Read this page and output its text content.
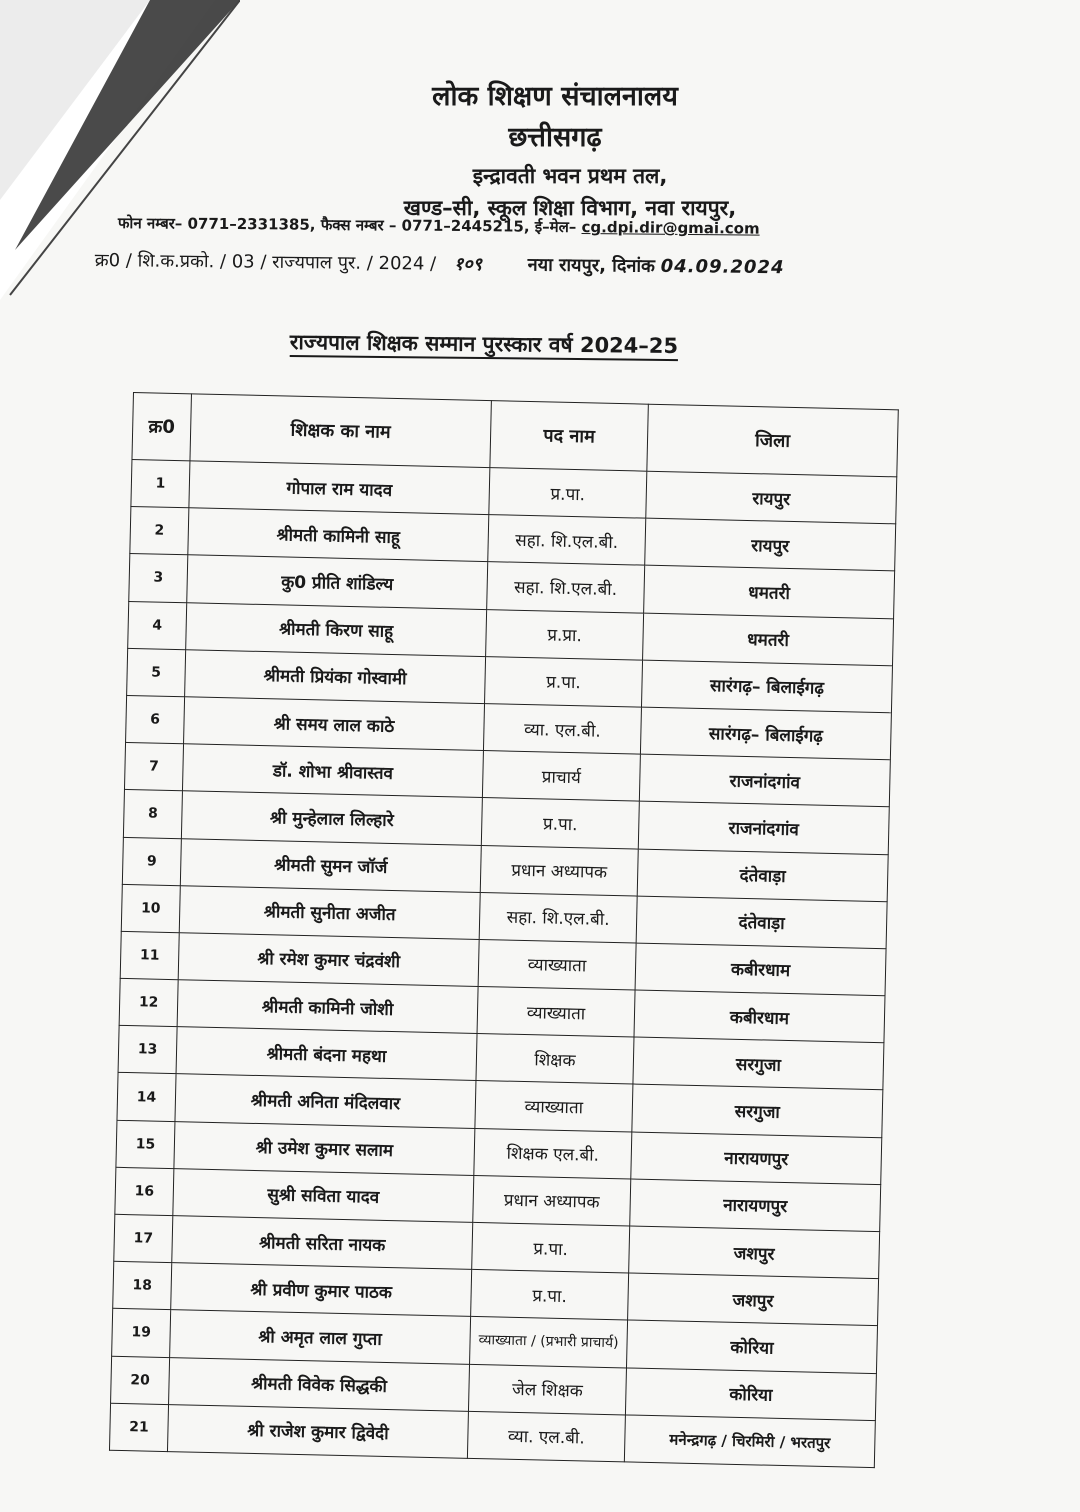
लोक शिक्षण संचालनालय
छत्तीसगढ़
इन्द्रावती भवन प्रथम तल,
खण्ड–सी, स्कूल शिक्षा विभाग, नवा रायपुर,
फोन नम्बर– 0771–2331385, फैक्स नम्बर – 0771–2445215, ई–मेल– cg.dpi.dir@gmai.com
क्र0 / शि.क.प्रको. / 03 / राज्यपाल पुर. / 2024 / १०९	नया रायपुर, दिनांक 04.09.2024
राज्यपाल शिक्षक सम्मान पुरस्कार वर्ष 2024–25
क्र0	शिक्षक का नाम	पद नाम	जिला
1	गोपाल राम यादव	प्र.पा.	रायपुर
2	श्रीमती कामिनी साहू	सहा. शि.एल.बी.	रायपुर
3	कु0 प्रीति शांडिल्य	सहा. शि.एल.बी.	धमतरी
4	श्रीमती किरण साहू	प्र.प्रा.	धमतरी
5	श्रीमती प्रियंका गोस्वामी	प्र.पा.	सारंगढ़– बिलाईगढ़
6	श्री समय लाल काठे	व्या. एल.बी.	सारंगढ़– बिलाईगढ़
7	डॉ. शोभा श्रीवास्तव	प्राचार्य	राजनांदगांव
8	श्री मुन्हेलाल लिल्हारे	प्र.पा.	राजनांदगांव
9	श्रीमती सुमन जॉर्ज	प्रधान अध्यापक	दंतेवाड़ा
10	श्रीमती सुनीता अजीत	सहा. शि.एल.बी.	दंतेवाड़ा
11	श्री रमेश कुमार चंद्रवंशी	व्याख्याता	कबीरधाम
12	श्रीमती कामिनी जोशी	व्याख्याता	कबीरधाम
13	श्रीमती बंदना महथा	शिक्षक	सरगुजा
14	श्रीमती अनिता मंदिलवार	व्याख्याता	सरगुजा
15	श्री उमेश कुमार सलाम	शिक्षक एल.बी.	नारायणपुर
16	सुश्री सविता यादव	प्रधान अध्यापक	नारायणपुर
17	श्रीमती सरिता नायक	प्र.पा.	जशपुर
18	श्री प्रवीण कुमार पाठक	प्र.पा.	जशपुर
19	श्री अमृत लाल गुप्ता	व्याख्याता / (प्रभारी प्राचार्य)	कोरिया
20	श्रीमती विवेक सिद्धकी	जेल शिक्षक	कोरिया
21	श्री राजेश कुमार द्विवेदी	व्या. एल.बी.	मनेन्द्रगढ़ / चिरमिरी / भरतपुर
